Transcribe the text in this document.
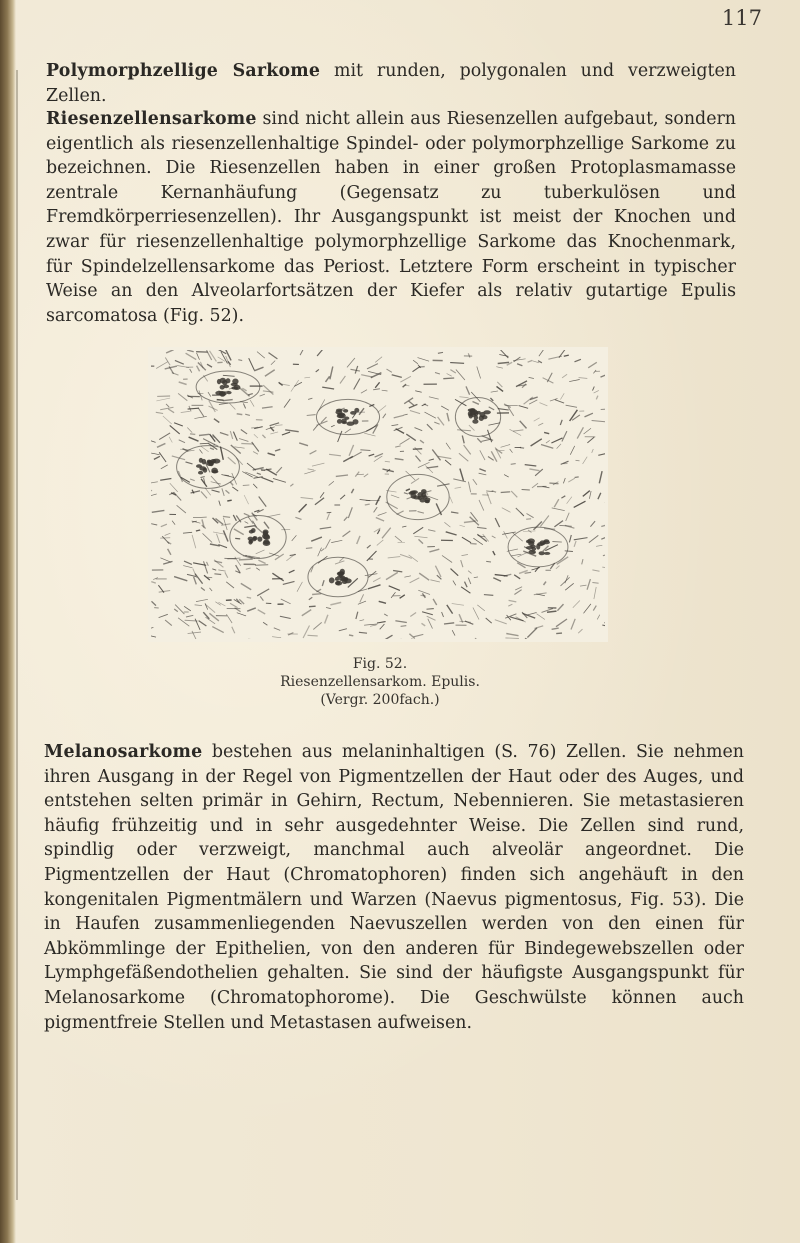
117
Polymorphzellige Sarkome mit runden, polygonalen und verzweigten Zellen.
Riesenzellensarkome sind nicht allein aus Riesenzellen aufgebaut, sondern eigentlich als riesenzellenhaltige Spindel- oder polymorphzellige Sarkome zu bezeichnen. Die Riesenzellen haben in einer großen Protoplasmamasse zentrale Kernanhäufung (Gegensatz zu tuberkulösen und Fremdkörperriesenzellen). Ihr Ausgangspunkt ist meist der Knochen und zwar für riesenzellenhaltige polymorphzellige Sarkome das Knochenmark, für Spindelzellensarkome das Periost. Letztere Form erscheint in typischer Weise an den Alveolarfortsätzen der Kiefer als relativ gutartige Epulis sarcomatosa (Fig. 52).
Fig. 52.
Riesenzellensarkom. Epulis.
(Vergr. 200fach.)
Melanosarkome bestehen aus melaninhaltigen (S. 76) Zellen. Sie nehmen ihren Ausgang in der Regel von Pigmentzellen der Haut oder des Auges, und entstehen selten primär in Gehirn, Rectum, Nebennieren. Sie metastasieren häufig frühzeitig und in sehr ausgedehnter Weise. Die Zellen sind rund, spindlig oder verzweigt, manchmal auch alveolär angeordnet. Die Pigmentzellen der Haut (Chromatophoren) finden sich angehäuft in den kongenitalen Pigmentmälern und Warzen (Naevus pigmentosus, Fig. 53). Die in Haufen zusammenliegenden Naevuszellen werden von den einen für Abkömmlinge der Epithelien, von den anderen für Bindegewebszellen oder Lymphgefäßendothelien gehalten. Sie sind der häufigste Ausgangspunkt für Melanosarkome (Chromatophorome). Die Geschwülste können auch pigmentfreie Stellen und Metastasen aufweisen.
